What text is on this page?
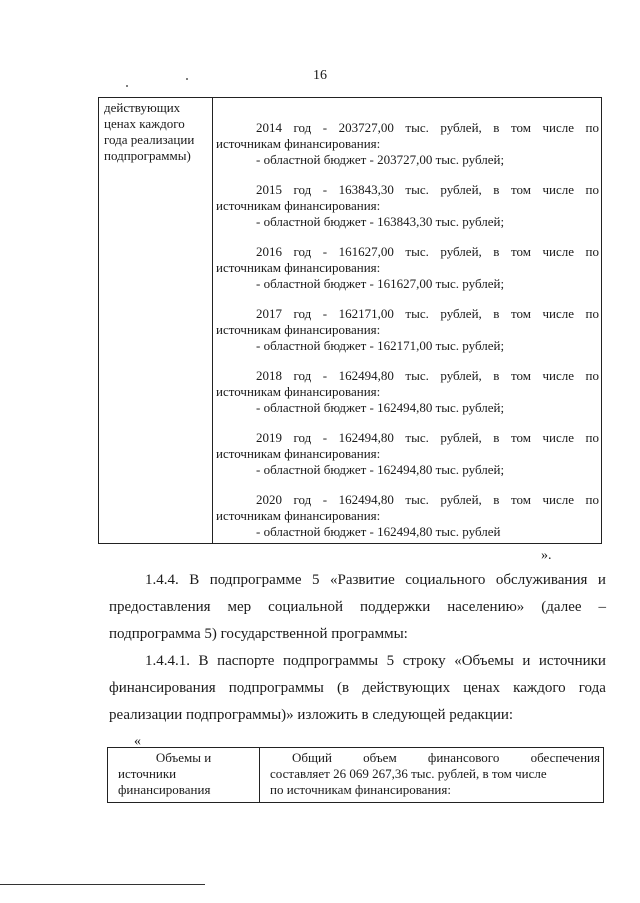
16
действующих
ценах каждого
года реализации
подпрограммы)
2014 год - 203727,00 тыс. рублей, в том числе по
источникам финансирования:
- областной бюджет - 203727,00 тыс. рублей;
2015 год - 163843,30 тыс. рублей, в том числе по
источникам финансирования:
- областной бюджет - 163843,30 тыс. рублей;
2016 год - 161627,00 тыс. рублей, в том числе по
источникам финансирования:
- областной бюджет - 161627,00 тыс. рублей;
2017 год - 162171,00 тыс. рублей, в том числе по
источникам финансирования:
- областной бюджет - 162171,00 тыс. рублей;
2018 год - 162494,80 тыс. рублей, в том числе по
источникам финансирования:
- областной бюджет - 162494,80 тыс. рублей;
2019 год - 162494,80 тыс. рублей, в том числе по
источникам финансирования:
- областной бюджет - 162494,80 тыс. рублей;
2020 год - 162494,80 тыс. рублей, в том числе по
источникам финансирования:
- областной бюджет - 162494,80 тыс. рублей
».
1.4.4. В подпрограмме 5 «Развитие социального обслуживания и
предоставления мер социальной поддержки населению» (далее –
подпрограмма 5) государственной программы:
1.4.4.1. В паспорте подпрограммы 5 строку «Объемы и источники
финансирования подпрограммы (в действующих ценах каждого года
реализации подпрограммы)» изложить в следующей редакции:
«
Объемы и
источники
финансирования
Общий объем финансового обеспечения
составляет 26 069 267,36 тыс. рублей, в том числе
по источникам финансирования:
